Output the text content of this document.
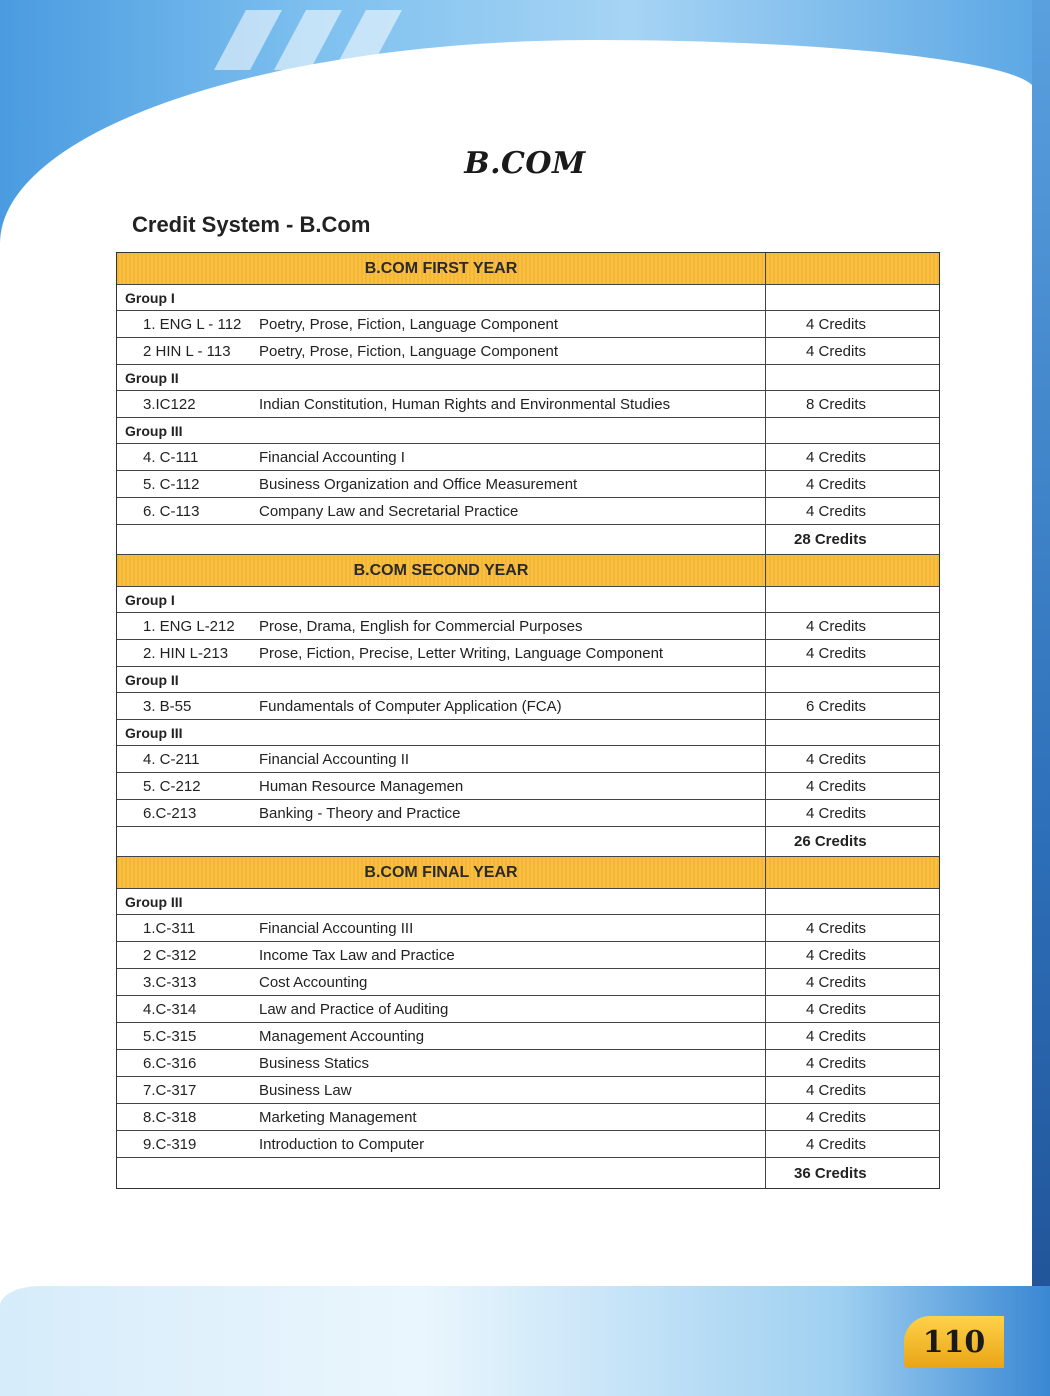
B.COM
Credit System - B.Com
B.COM FIRST YEAR
Group I
1. ENG L - 112	Poetry, Prose, Fiction, Language Component	4 Credits
2 HIN L - 113	Poetry, Prose, Fiction, Language Component	4 Credits
Group II
3.IC122	Indian Constitution, Human Rights and Environmental Studies	8 Credits
Group III
4. C-111	Financial Accounting I	4 Credits
5. C-112	Business Organization and Office Measurement	4 Credits
6. C-113	Company Law and Secretarial Practice	4 Credits
28 Credits
B.COM SECOND YEAR
Group I
1. ENG L-212	Prose, Drama, English for Commercial Purposes	4 Credits
2. HIN L-213	Prose, Fiction, Precise, Letter Writing, Language Component	4 Credits
Group II
3. B-55	Fundamentals of Computer Application (FCA)	6 Credits
Group III
4. C-211	Financial Accounting II	4 Credits
5. C-212	Human Resource Managemen	4 Credits
6.C-213	Banking - Theory and Practice	4 Credits
26 Credits
B.COM FINAL YEAR
Group III
1.C-311	Financial Accounting III	4 Credits
2 C-312	Income Tax Law and Practice	4 Credits
3.C-313	Cost Accounting	4 Credits
4.C-314	Law and Practice of Auditing	4 Credits
5.C-315	Management Accounting	4 Credits
6.C-316	Business Statics	4 Credits
7.C-317	Business Law	4 Credits
8.C-318	Marketing Management	4 Credits
9.C-319	Introduction to Computer	4 Credits
36 Credits
110
